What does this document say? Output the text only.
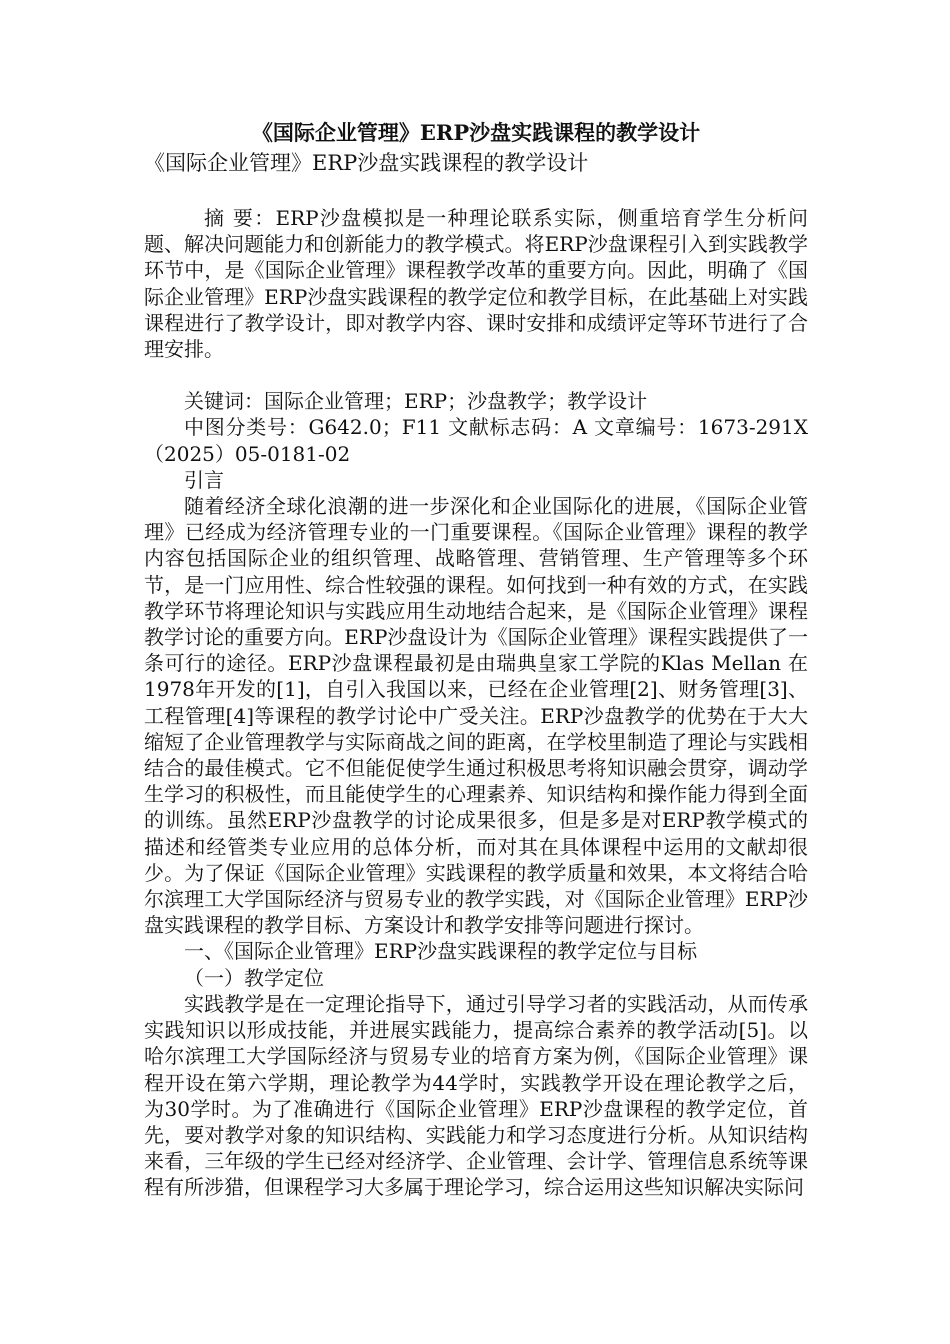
《国际企业管理》ERP沙盘实践课程的教学设计
《国际企业管理》ERP沙盘实践课程的教学设计

摘 要：ERP沙盘模拟是一种理论联系实际，侧重培育学生分析问题、解决问题能力和创新能力的教学模式。将ERP沙盘课程引入到实践教学环节中，是《国际企业管理》课程教学改革的重要方向。因此，明确了《国际企业管理》ERP沙盘实践课程的教学定位和教学目标，在此基础上对实践课程进行了教学设计，即对教学内容、课时安排和成绩评定等环节进行了合理安排。

关键词：国际企业管理；ERP；沙盘教学；教学设计

中图分类号：G642.0；F11 文献标志码：A 文章编号：1673-291X（2025）05-0181-02

引言

随着经济全球化浪潮的进一步深化和企业国际化的进展，《国际企业管理》已经成为经济管理专业的一门重要课程。《国际企业管理》课程的教学内容包括国际企业的组织管理、战略管理、营销管理、生产管理等多个环节，是一门应用性、综合性较强的课程。如何找到一种有效的方式，在实践教学环节将理论知识与实践应用生动地结合起来，是《国际企业管理》课程教学讨论的重要方向。ERP沙盘设计为《国际企业管理》课程实践提供了一条可行的途径。ERP沙盘课程最初是由瑞典皇家工学院的Klas Mellan 在1978年开发的[1]，自引入我国以来，已经在企业管理[2]、财务管理[3]、工程管理[4]等课程的教学讨论中广受关注。ERP沙盘教学的优势在于大大缩短了企业管理教学与实际商战之间的距离，在学校里制造了理论与实践相结合的最佳模式。它不但能促使学生通过积极思考将知识融会贯穿，调动学生学习的积极性，而且能使学生的心理素养、知识结构和操作能力得到全面的训练。虽然ERP沙盘教学的讨论成果很多，但是多是对ERP教学模式的描述和经管类专业应用的总体分析，而对其在具体课程中运用的文献却很少。为了保证《国际企业管理》实践课程的教学质量和效果，本文将结合哈尔滨理工大学国际经济与贸易专业的教学实践，对《国际企业管理》ERP沙盘实践课程的教学目标、方案设计和教学安排等问题进行探讨。

一、《国际企业管理》ERP沙盘实践课程的教学定位与目标

（一）教学定位

实践教学是在一定理论指导下，通过引导学习者的实践活动，从而传承实践知识以形成技能，并进展实践能力，提高综合素养的教学活动[5]。以哈尔滨理工大学国际经济与贸易专业的培育方案为例，《国际企业管理》课程开设在第六学期，理论教学为44学时，实践教学开设在理论教学之后，为30学时。为了准确进行《国际企业管理》ERP沙盘课程的教学定位，首先，要对教学对象的知识结构、实践能力和学习态度进行分析。从知识结构来看，三年级的学生已经对经济学、企业管理、会计学、管理信息系统等课程有所涉猎，但课程学习大多属于理论学习，综合运用这些知识解决实际问
